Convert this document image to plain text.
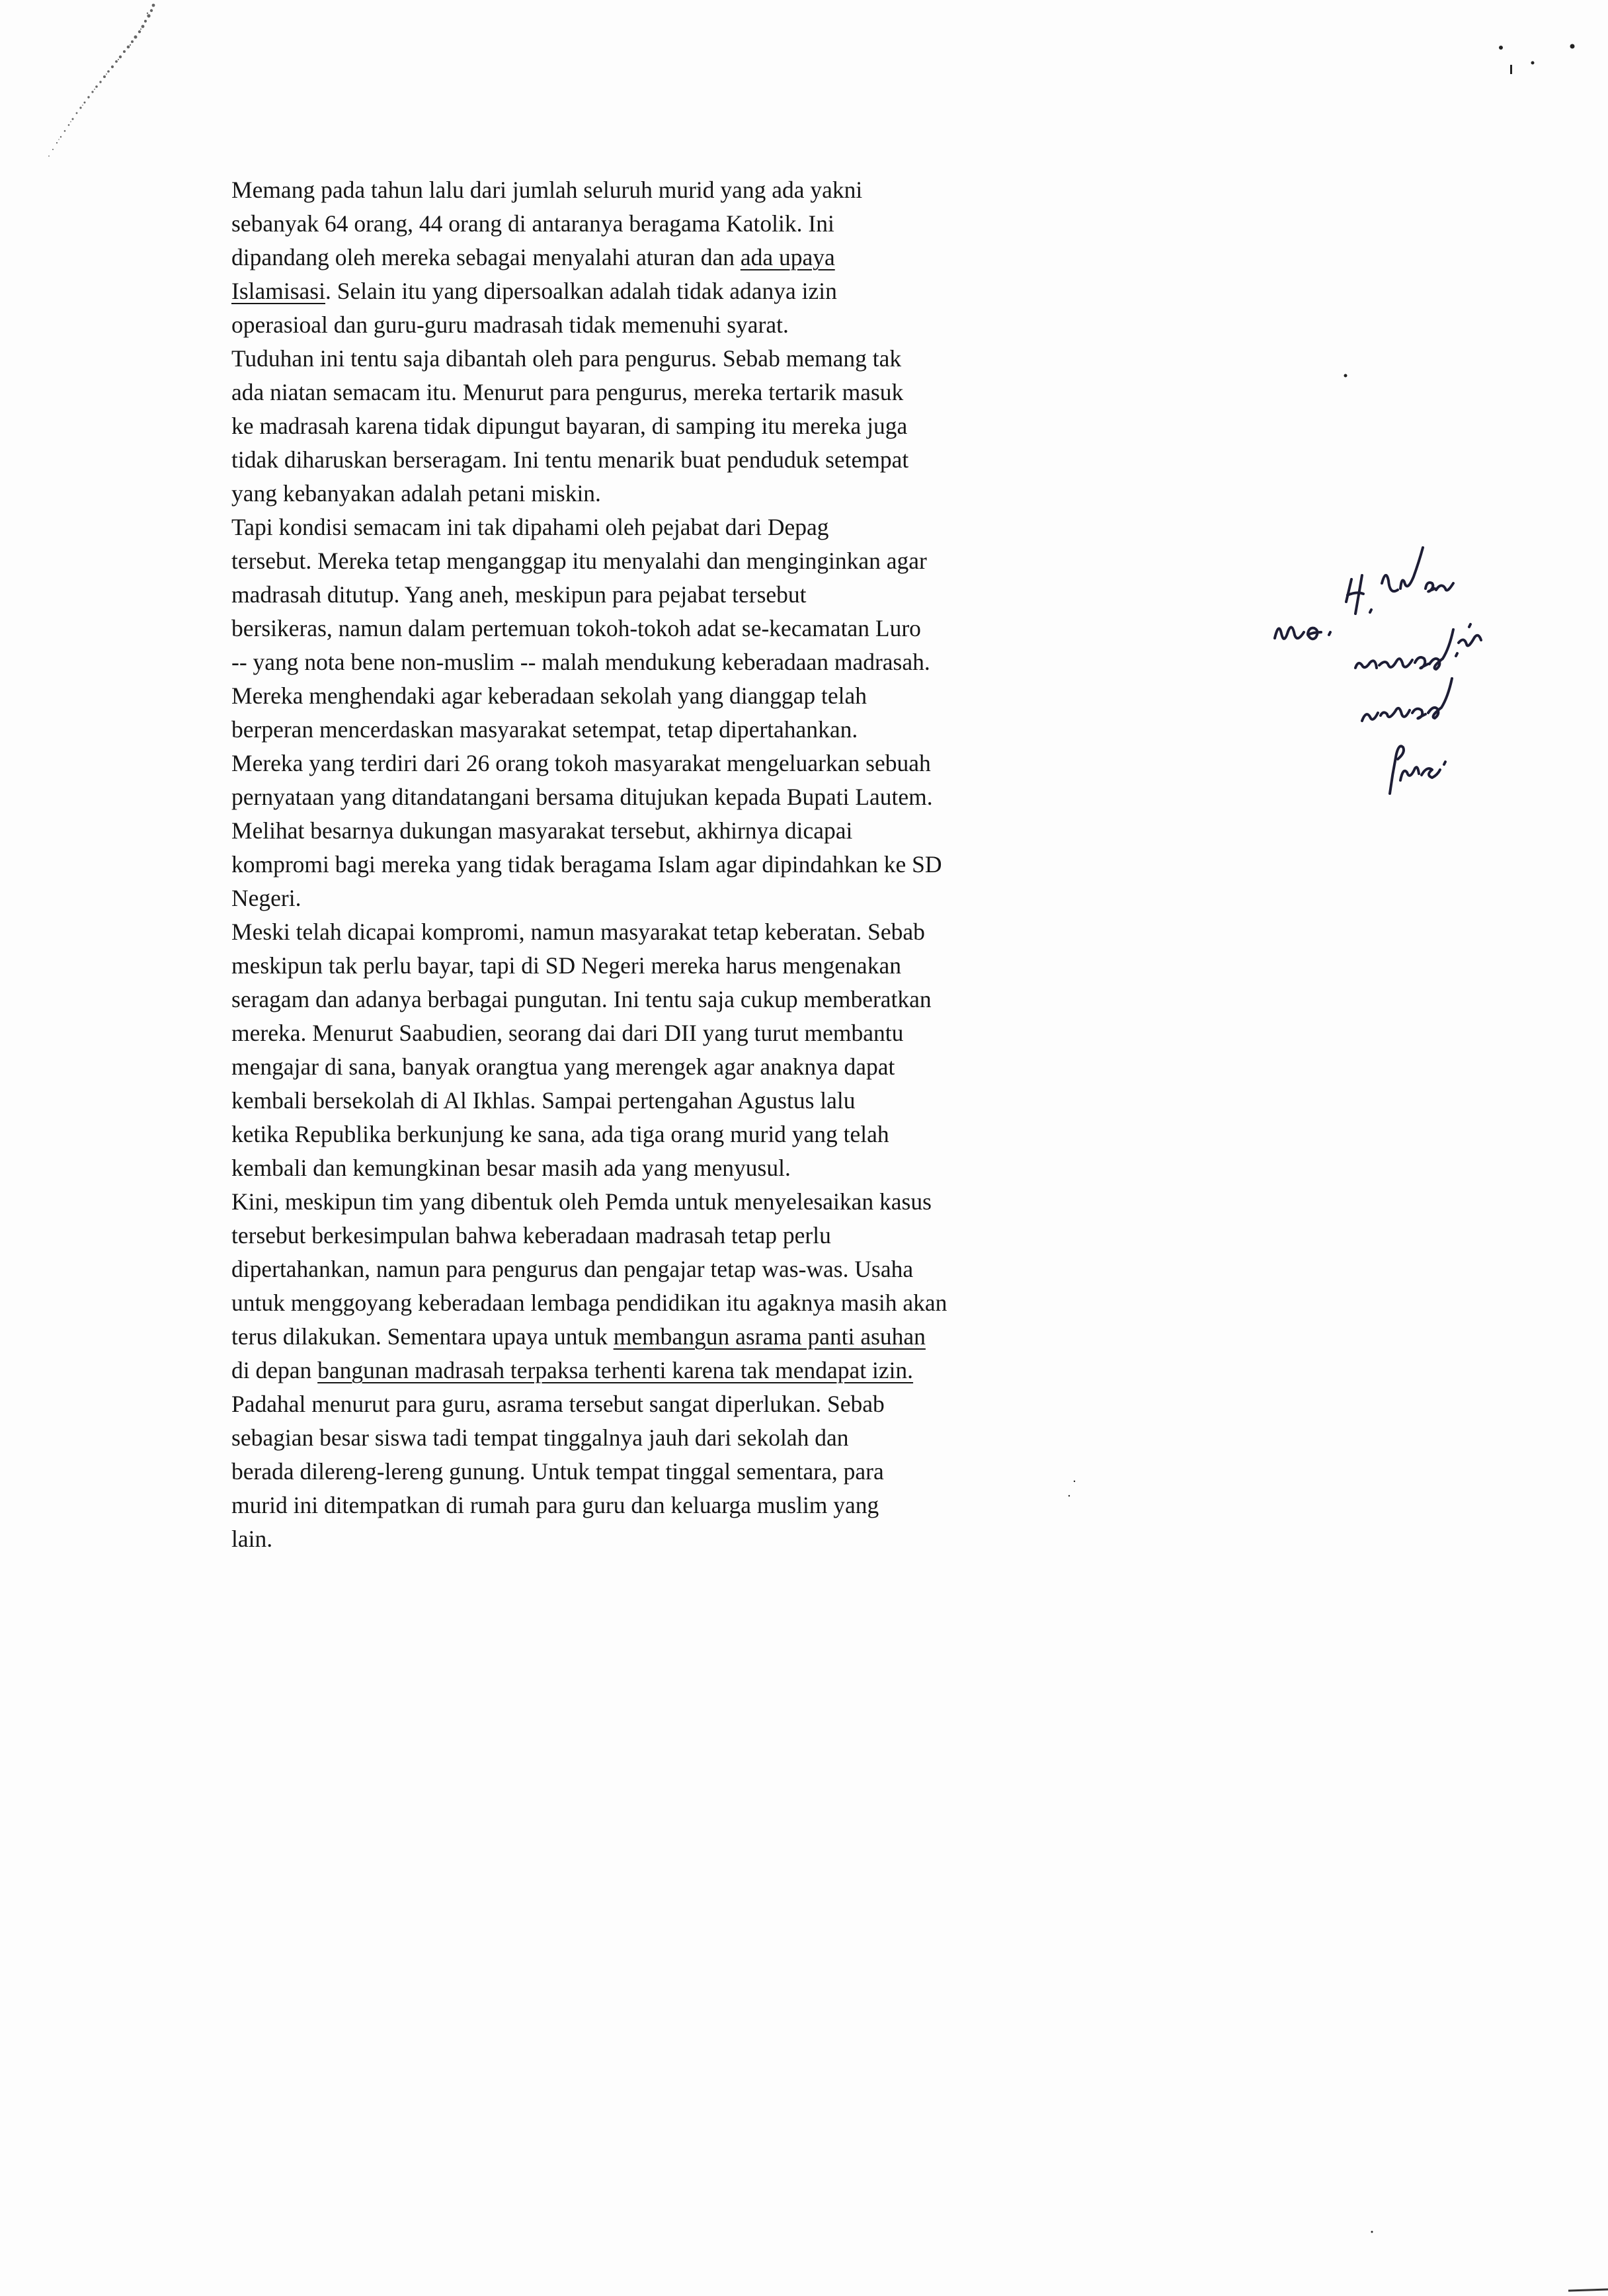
Memang pada tahun lalu dari jumlah seluruh murid yang ada yakni
sebanyak 64 orang, 44 orang di antaranya beragama Katolik. Ini
dipandang oleh mereka sebagai menyalahi aturan dan ada upaya
Islamisasi. Selain itu yang dipersoalkan adalah tidak adanya izin
operasioal dan guru-guru madrasah tidak memenuhi syarat.
Tuduhan ini tentu saja dibantah oleh para pengurus. Sebab memang tak
ada niatan semacam itu. Menurut para pengurus, mereka tertarik masuk
ke madrasah karena tidak dipungut bayaran, di samping itu mereka juga
tidak diharuskan berseragam. Ini tentu menarik buat penduduk setempat
yang kebanyakan adalah petani miskin.
Tapi kondisi semacam ini tak dipahami oleh pejabat dari Depag
tersebut. Mereka tetap menganggap itu menyalahi dan menginginkan agar
madrasah ditutup. Yang aneh, meskipun para pejabat tersebut
bersikeras, namun dalam pertemuan tokoh-tokoh adat se-kecamatan Luro
-- yang nota bene non-muslim -- malah mendukung keberadaan madrasah.
Mereka menghendaki agar keberadaan sekolah yang dianggap telah
berperan mencerdaskan masyarakat setempat, tetap dipertahankan.
Mereka yang terdiri dari 26 orang tokoh masyarakat mengeluarkan sebuah
pernyataan yang ditandatangani bersama ditujukan kepada Bupati Lautem.
Melihat besarnya dukungan masyarakat tersebut, akhirnya dicapai
kompromi bagi mereka yang tidak beragama Islam agar dipindahkan ke SD
Negeri.
Meski telah dicapai kompromi, namun masyarakat tetap keberatan. Sebab
meskipun tak perlu bayar, tapi di SD Negeri mereka harus mengenakan
seragam dan adanya berbagai pungutan. Ini tentu saja cukup memberatkan
mereka. Menurut Saabudien, seorang dai dari DII yang turut membantu
mengajar di sana, banyak orangtua yang merengek agar anaknya dapat
kembali bersekolah di Al Ikhlas. Sampai pertengahan Agustus lalu
ketika Republika berkunjung ke sana, ada tiga orang murid yang telah
kembali dan kemungkinan besar masih ada yang menyusul.
Kini, meskipun tim yang dibentuk oleh Pemda untuk menyelesaikan kasus
tersebut berkesimpulan bahwa keberadaan madrasah tetap perlu
dipertahankan, namun para pengurus dan pengajar tetap was-was. Usaha
untuk menggoyang keberadaan lembaga pendidikan itu agaknya masih akan
terus dilakukan. Sementara upaya untuk membangun asrama panti asuhan
di depan bangunan madrasah terpaksa terhenti karena tak mendapat izin.
Padahal menurut para guru, asrama tersebut sangat diperlukan. Sebab
sebagian besar siswa tadi tempat tinggalnya jauh dari sekolah dan
berada dilereng-lereng gunung. Untuk tempat tinggal sementara, para
murid ini ditempatkan di rumah para guru dan keluarga muslim yang
lain.
